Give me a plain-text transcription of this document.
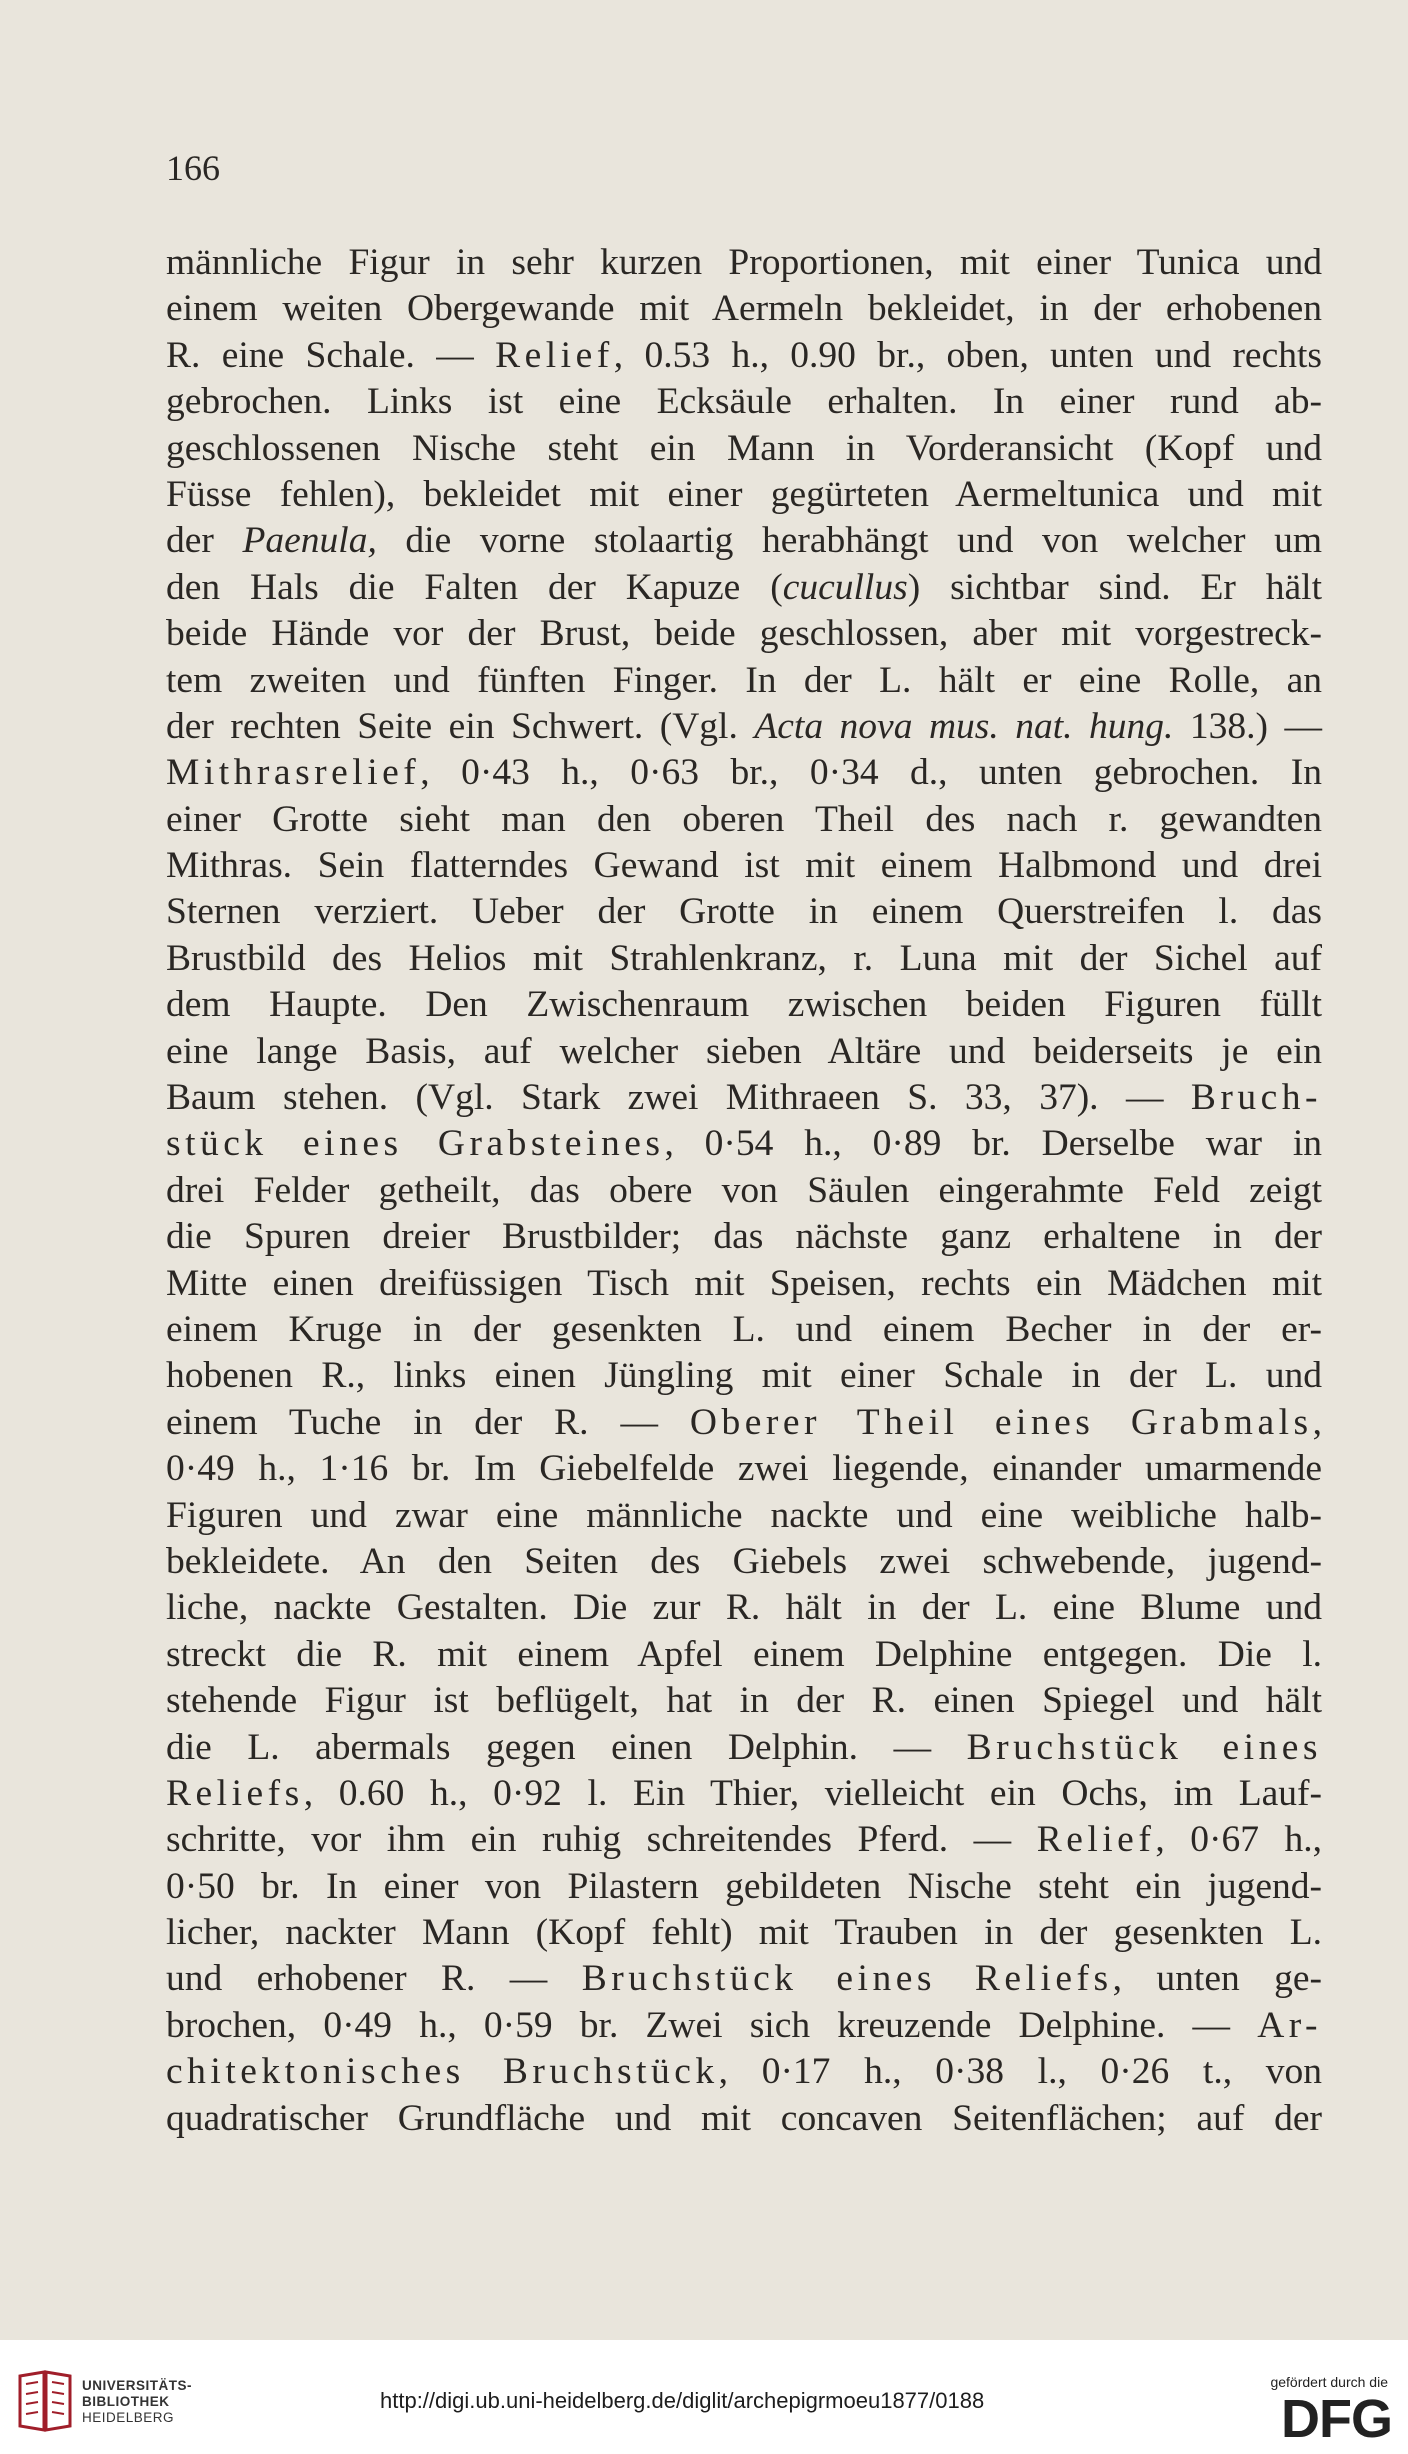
166
männliche Figur in sehr kurzen Proportionen, mit einer Tunica und
einem weiten Obergewande mit Aermeln bekleidet, in der erhobenen
R. eine Schale. — Relief, 0.53 h., 0.90 br., oben, unten und rechts
gebrochen. Links ist eine Ecksäule erhalten. In einer rund ab-
geschlossenen Nische steht ein Mann in Vorderansicht (Kopf und
Füsse fehlen), bekleidet mit einer gegürteten Aermeltunica und mit
der Paenula, die vorne stolaartig herabhängt und von welcher um
den Hals die Falten der Kapuze (cucullus) sichtbar sind. Er hält
beide Hände vor der Brust, beide geschlossen, aber mit vorgestreck-
tem zweiten und fünften Finger. In der L. hält er eine Rolle, an
der rechten Seite ein Schwert. (Vgl. Acta nova mus. nat. hung. 138.) —
Mithrasrelief, 0·43 h., 0·63 br., 0·34 d., unten gebrochen. In
einer Grotte sieht man den oberen Theil des nach r. gewandten
Mithras. Sein flatterndes Gewand ist mit einem Halbmond und drei
Sternen verziert. Ueber der Grotte in einem Querstreifen l. das
Brustbild des Helios mit Strahlenkranz, r. Luna mit der Sichel auf
dem Haupte. Den Zwischenraum zwischen beiden Figuren füllt
eine lange Basis, auf welcher sieben Altäre und beiderseits je ein
Baum stehen. (Vgl. Stark zwei Mithraeen S. 33, 37). — Bruch-
stück eines Grabsteines, 0·54 h., 0·89 br. Derselbe war in
drei Felder getheilt, das obere von Säulen eingerahmte Feld zeigt
die Spuren dreier Brustbilder; das nächste ganz erhaltene in der
Mitte einen dreifüssigen Tisch mit Speisen, rechts ein Mädchen mit
einem Kruge in der gesenkten L. und einem Becher in der er-
hobenen R., links einen Jüngling mit einer Schale in der L. und
einem Tuche in der R. — Oberer Theil eines Grabmals,
0·49 h., 1·16 br. Im Giebelfelde zwei liegende, einander umarmende
Figuren und zwar eine männliche nackte und eine weibliche halb-
bekleidete. An den Seiten des Giebels zwei schwebende, jugend-
liche, nackte Gestalten. Die zur R. hält in der L. eine Blume und
streckt die R. mit einem Apfel einem Delphine entgegen. Die l.
stehende Figur ist beflügelt, hat in der R. einen Spiegel und hält
die L. abermals gegen einen Delphin. — Bruchstück eines
Reliefs, 0.60 h., 0·92 l. Ein Thier, vielleicht ein Ochs, im Lauf-
schritte, vor ihm ein ruhig schreitendes Pferd. — Relief, 0·67 h.,
0·50 br. In einer von Pilastern gebildeten Nische steht ein jugend-
licher, nackter Mann (Kopf fehlt) mit Trauben in der gesenkten L.
und erhobener R. — Bruchstück eines Reliefs, unten ge-
brochen, 0·49 h., 0·59 br. Zwei sich kreuzende Delphine. — Ar-
chitektonisches Bruchstück, 0·17 h., 0·38 l., 0·26 t., von
quadratischer Grundfläche und mit concaven Seitenflächen; auf der
UNIVERSITÄTS-
BIBLIOTHEK
HEIDELBERG
http://digi.ub.uni-heidelberg.de/diglit/archepigrmoeu1877/0188
gefördert durch die
DFG
